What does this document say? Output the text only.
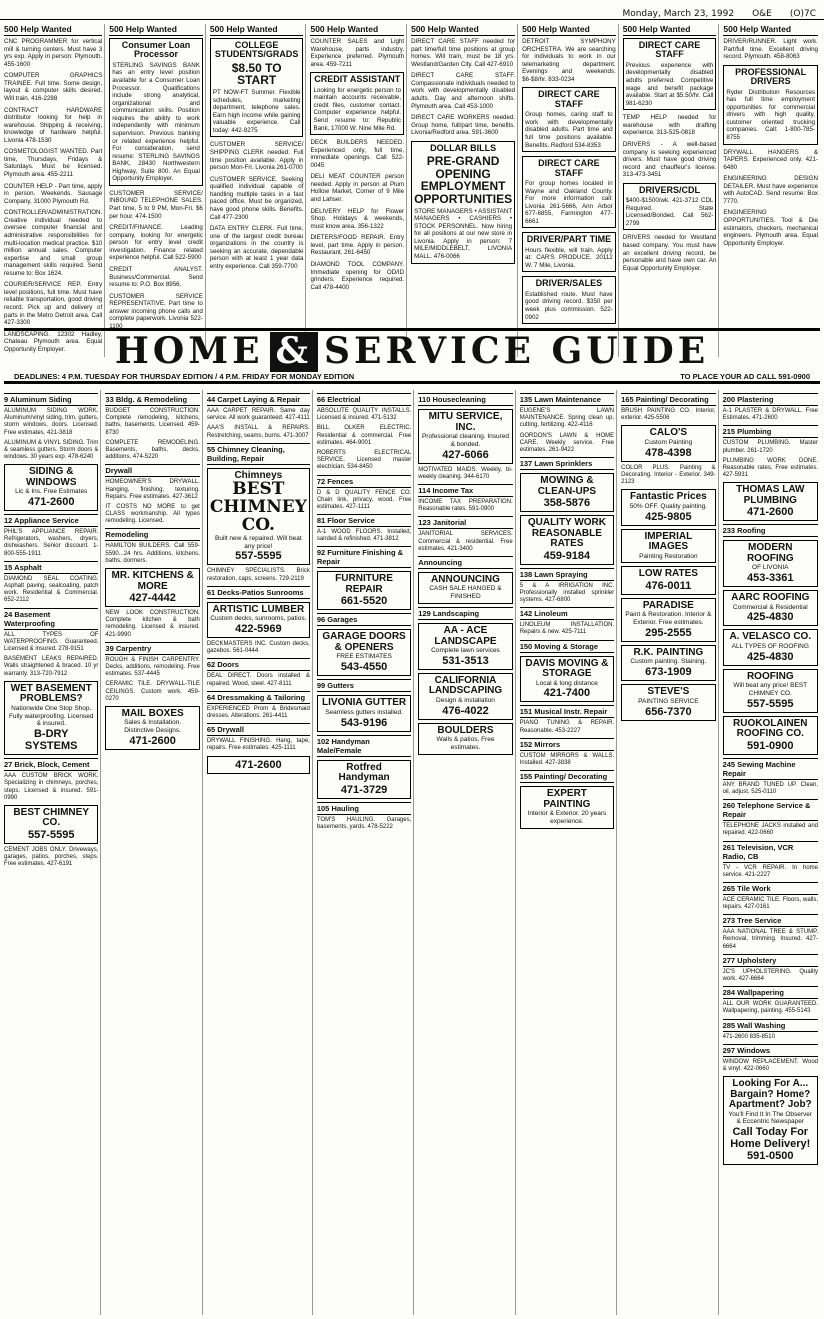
Monday, March 23, 1992 O&E (O)7C
500 Help Wanted
CNC PROGRAMMER for vertical mill & turning centers. Must have 3 yrs exp. Apply in person: Plymouth. 455-1600
COMPUTER GRAPHICS TRAINEE. Full time. Some design, layout & computer skills desired. Will train. 416-2288
CONTRACT HARDWARE distributor looking for help in warehouse. Shipping & receiving, knowledge of hardware helpful. Livonia 478-1530
COSMETOLOGIST WANTED. Part time, Thursdays, Fridays & Saturdays. Must be licensed. Plymouth area. 455-2211
COUNTER HELP - Part time, apply in person. Weekends. Sausage Company, 31000 Plymouth Rd.
CONTROLLER/ADMINISTRATION. Creative individual needed to oversee computer financial and administrative responsibilities for multi-location medical practice. $10 million annual sales. Computer expertise and small group management skills required. Send resume to: Box 1624.
COURIER/SERVICE REP. Entry level positions, full time. Must have reliable transportation, good driving record. Pick up and delivery of parts in the Metro Detroit area. Call 427-3300
LANDSCAPING. 12302 Hadley, Chateau Plymouth area. Equal Opportunity Employer.
500 Help Wanted
Consumer Loan Processor
STERLING SAVINGS BANK has an entry level position available for a Consumer Loan Processor. Qualifications include strong analytical, organizational and communication skills. Position requires the ability to work independently with minimum supervision. Previous banking or related experience helpful. For consideration, send resume: STERLING SAVINGS BANK, 28430 Northwestern Highway, Suite 800. An Equal Opportunity Employer.
CUSTOMER SERVICE/ INBOUND TELEPHONE SALES. Part time, 5 to 9 PM, Mon-Fri. $6 per hour. 474-1500
CREDIT/FINANCE. Leading company, looking for energetic person for entry level credit investigation. Finance related experience helpful. Call 522-5900
CREDIT ANALYST. Business/Commercial. Send resume to: P.O. Box 8956.
CUSTOMER SERVICE REPRESENTATIVE. Part time to answer incoming phone calls and complete paperwork. Livonia 522-1100
500 Help Wanted
COLLEGE STUDENTS/GRADS
$8.50 TO START
PT NOW-FT Summer. Flexible schedules, marketing department, telephone sales. Earn high income while gaining valuable experience. Call today: 442-9275
CUSTOMER SERVICE/ SHIPPING CLERK needed. Full time position available. Apply in person Mon-Fri. Livonia 261-0700
CUSTOMER SERVICE. Seeking qualified individual capable of handling multiple tasks in a fast paced office. Must be organized, have good phone skills. Benefits. Call 477-2300
DATA ENTRY CLERK. Full time, one of the largest credit bureau organizations in the country is seeking an accurate, dependable person with at least 1 year data entry experience. Call 359-7700
500 Help Wanted
COUNTER SALES and Light Warehouse, parts industry. Experience preferred. Plymouth area. 459-7211
CREDIT ASSISTANT
Looking for energetic person to maintain accounts receivable, credit files, customer contact. Computer experience helpful. Send resume to: Republic Bank, 17000 W. Nine Mile Rd.
DECK BUILDERS NEEDED. Experienced only, full time, immediate openings. Call 522-0045
DELI MEAT COUNTER person needed. Apply in person at Plum Hollow Market, Corner of 9 Mile and Lahser.
DELIVERY HELP for Flower Shop. Holidays & weekends, must know area. 356-1322
DIETERS/FOOD REPAIR. Entry level, part time. Apply in person. Restaurant. 261-6450
DIAMOND TOOL COMPANY. Immediate opening for OD/ID grinders. Experience required. Call 478-4400
500 Help Wanted
DIRECT CARE STAFF needed for part time/full time positions at group homes. Will train, must be 18 yrs. Westland/Garden City. Call 427-6910
DIRECT CARE STAFF. Compassionate individuals needed to work with developmentally disabled adults. Day and afternoon shifts. Plymouth area. Call 453-1000
DIRECT CARE WORKERS needed. Group home, full/part time, benefits. Livonia/Redford area. 591-3600
DOLLAR BILLS
PRE-GRAND OPENING EMPLOYMENT OPPORTUNITIES
STORE MANAGERS • ASSISTANT MANAGERS • CASHIERS • STOCK PERSONNEL. Now hiring for all positions at our new store in Livonia. Apply in person: 7 MILE/MIDDLEBELT, LIVONIA MALL. 476-0066
500 Help Wanted
DETROIT SYMPHONY ORCHESTRA. We are searching for individuals to work in our telemarketing department. Evenings and weekends. $6-$8/hr. 833-0234
DIRECT CARE STAFF
Group homes, caring staff to work with developmentally disabled adults. Part time and full time positions available. Benefits. Redford 534-8353
DIRECT CARE STAFF
For group homes located in Wayne and Oakland County. For more information call: Livonia 261-5666, Ann Arbor 677-6855, Farmington 477-6661
DRIVER/PART TIME
Hours flexible, will train. Apply at: CAR'S PRODUCE, 20112 W. 7 Mile, Livonia.
DRIVER/SALES
Established route. Must have good driving record. $350 per week plus commission. 522-0902
500 Help Wanted
DIRECT CARE STAFF
Previous experience with developmentally disabled adults preferred. Competitive wage and benefit package available. Start at $5.50/hr. Call 981-6230
TEMP HELP needed for warehouse with drafting experience. 313-525-0818
DRIVERS - A well-based company is seeking experienced drivers. Must have good driving record and chauffeur's license. 313-473-3451
DRIVERS/CDL
$400-$1500/wk. 421-3712 CDL Required. State Licensed/Bonded. Call 562-2799
DRIVERS needed for Westland based company. You must have an excellent driving record, be personable and have own car. An Equal Opportunity Employer.
500 Help Wanted
DRIVER/RUNNER. Light work. Part/full time. Excellent driving record. Plymouth. 458-8063
PROFESSIONAL DRIVERS
Ryder Distribution Resources has full time employment opportunities for commercial drivers with high quality, customer oriented trucking companies. Call: 1-800-785-8755
DRYWALL HANGERS & TAPERS. Experienced only. 421-6480
ENGINEERING DESIGN DETAILER. Must have experience with AutoCAD. Send resume: Box 7770.
ENGINEERING OPPORTUNITIES. Tool & Die estimators, checkers, mechanical engineers. Plymouth area. Equal Opportunity Employer.
HOME & SERVICE GUIDE
DEADLINES: 4 P.M. TUESDAY FOR THURSDAY EDITION / 4 P.M. FRIDAY FOR MONDAY EDITION	TO PLACE YOUR AD CALL 591-0900
9 Aluminum Siding
ALUMINUM SIDING WORK. Aluminum/vinyl siding, trim, gutters, storm windows, doors. Licensed. Free estimates. 421-3818
ALUMINUM & VINYL SIDING. Trim & seamless gutters. Storm doors & windows. 30 years exp. 478-6240
SIDING & WINDOWS
Lic & Ins. Free Estimates
471-2600
12 Appliance Service
PHIL'S APPLIANCE REPAIR. Refrigerators, washers, dryers, dishwashers. Senior discount. 1-800-555-1911
15 Asphalt
DIAMOND SEAL COATING. Asphalt paving, sealcoating, patch work. Residential & Commercial. 652-2112
24 Basement Waterproofing
ALL TYPES OF WATERPROOFING. Guaranteed. Licensed & insured. 278-9151
BASEMENT LEAKS REPAIRED. Walls straightened & braced. 10 yr warranty. 313-720-7912
WET BASEMENT PROBLEMS?
Nationwide One Stop Shop. Fully waterproofing. Licensed & insured.
B-DRY SYSTEMS
27 Brick, Block, Cement
AAA CUSTOM BRICK WORK. Specializing in chimneys, porches, steps. Licensed & insured. 591-0990
BEST CHIMNEY CO.
557-5595
CEMENT JOBS ONLY. Driveways, garages, patios, porches, steps. Free estimates. 427-6191
33 Bldg. & Remodeling
BUDGET CONSTRUCTION. Complete remodeling, kitchens, baths, basements. Licensed. 459-8730
COMPLETE REMODELING. Basements, baths, decks, additions. 474-5220
Drywall
HOMEOWNER'S DRYWALL. Hanging, finishing, texturing. Repairs. Free estimates. 427-3612
IT COSTS NO MORE to get CLASS workmanship. All types remodeling. Licensed.
Remodeling
HAMILTON BUILDERS. Call 559-5590...24 hrs. Additions, kitchens, baths, dormers.
MR. KITCHENS & MORE
427-4442
NEW LOOK CONSTRUCTION. Complete kitchen & bath remodeling. Licensed & insured. 421-9990
39 Carpentry
ROUGH & FINISH CARPENTRY. Decks, additions, remodeling. Free estimates. 537-4445
CERAMIC TILE. DRYWALL-TILE CEILINGS. Custom work. 459-0270
MAIL BOXES
Sales & Installation. Distinctive Designs.
471-2600
44 Carpet Laying & Repair
AAA CARPET REPAIR. Same day service. All work guaranteed. 427-4111
AAA'S INSTALL & REPAIRS. Restretching, seams, burns. 471-3007
55 Chimney Cleaning, Building, Repair
Chimneys
BEST CHIMNEY CO.
Built new & repaired. Will beat any price!
557-5595
CHIMNEY SPECIALISTS. Brick restoration, caps, screens. 729-2119
61 Decks-Patios Sunrooms
ARTISTIC LUMBER
Custom decks, sunrooms, patios.
422-5969
DECKMASTERS INC. Custom decks, gazebos. 561-0444
62 Doors
DEAL DIRECT. Doors installed & repaired. Wood, steel. 427-8111
64 Dressmaking & Tailoring
EXPERIENCED Prom & Bridesmaid dresses. Alterations. 261-4411
65 Drywall
DRYWALL FINISHING. Hang, tape, repairs. Free estimates. 425-1111
471-2600
66 Electrical
ABSOLUTE QUALITY INSTALLS. Licensed & insured. 471-5132
BILL OLKER ELECTRIC. Residential & commercial. Free estimates. 464-9001
ROBERTS ELECTRICAL SERVICE. Licensed master electrician. 534-8450
72 Fences
D & D QUALITY FENCE CO. Chain link, privacy, wood. Free estimates. 427-1111
81 Floor Service
A-1 WOOD FLOORS. Installed, sanded & refinished. 471-3812
92 Furniture Finishing & Repair
FURNITURE REPAIR
661-5520
96 Garages
GARAGE DOORS & OPENERS
FREE ESTIMATES
543-4550
99 Gutters
LIVONIA GUTTER
Seamless gutters installed.
543-9196
102 Handyman Male/Female
Rotfred Handyman
471-3729
105 Hauling
TOM'S HAULING. Garages, basements, yards. 478-5222
110 Housecleaning
MITU SERVICE, INC.
Professional cleaning. Insured & bonded.
427-6066
MOTIVATED MAIDS. Weekly, bi-weekly cleaning. 344-6170
114 Income Tax
INCOME TAX PREPARATION. Reasonable rates. 591-0900
123 Janitorial
JANITORIAL SERVICES. Commercial & residential. Free estimates. 421-3400
Announcing
ANNOUNCING
CASH SALE HANGED & FINISHED
129 Landscaping
AA - ACE LANDSCAPE
Complete lawn services
531-3513
CALIFORNIA LANDSCAPING
Design & installation
476-4022
BOULDERS
Walls & patios. Free estimates.
135 Lawn Maintenance
EUGENE'S LAWN MAINTENANCE. Spring clean up, cutting, fertilizing. 422-4116
GORDON'S LAWN & HOME CARE. Weekly service. Free estimates. 261-9422
137 Lawn Sprinklers
MOWING & CLEAN-UPS
358-5876
QUALITY WORK REASONABLE RATES
459-9184
138 Lawn Spraying
5 & A IRRIGATION INC. Professionally installed sprinkler systems. 427-6800
142 Linoleum
LINOLEUM INSTALLATION. Repairs & new. 425-7111
150 Moving & Storage
DAVIS MOVING & STORAGE
Local & long distance
421-7400
151 Musical Instr. Repair
PIANO TUNING & REPAIR. Reasonable. 453-2227
152 Mirrors
CUSTOM MIRRORS & WALLS. Installed. 427-3838
155 Painting/ Decorating
EXPERT PAINTING
Interior & Exterior. 20 years experience.
165 Painting/ Decorating
BRUSH PAINTING CO. Interior, exterior. 425-5506
CALO'S
Custom Painting
478-4398
COLOR PLUS. Painting & Decorating. Interior - Exterior. 349-2123
Fantastic Prices
50% OFF. Quality painting.
425-9805
IMPERIAL IMAGES
Painting Restoration
LOW RATES
476-0011
PARADISE
Paint & Restoration. Interior & Exterior. Free estimates.
295-2555
R.K. PAINTING
Custom painting. Staining.
673-1909
STEVE'S
PAINTING SERVICE
656-7370
200 Plastering
A-1 PLASTER & DRYWALL. Free Estimates. 471-2600
215 Plumbing
CUSTOM PLUMBING. Master plumber. 261-1720
PLUMBING WORK DONE. Reasonable rates. Free estimates. 427-5931
THOMAS LAW PLUMBING
471-2600
233 Roofing
MODERN ROOFING
OF LIVONIA
453-3361
AARC ROOFING
Commercial & Residential
425-4830
A. VELASCO CO.
ALL TYPES OF ROOFING
425-4830
ROOFING
Will beat any price! BEST CHIMNEY CO.
557-5595
RUOKOLAINEN ROOFING CO.
591-0900
245 Sewing Machine Repair
ANY BRAND TUNED UP. Clean, oil, adjust. 525-0110
260 Telephone Service & Repair
TELEPHONE JACKS installed and repaired. 422-0660
261 Television, VCR Radio, CB
TV - VCR REPAIR. In home service. 421-2227
265 Tile Work
ACE CERAMIC TILE. Floors, walls, repairs. 427-0161
273 Tree Service
AAA NATIONAL TREE & STUMP. Removal, trimming. Insured. 427-6664
277 Upholstery
JC'S UPHOLSTERING. Quality work. 427-6664
284 Wallpapering
ALL OUR WORK GUARANTEED. Wallpapering, painting. 455-5143
285 Wall Washing
471-2600 835-8510
297 Windows
WINDOW REPLACEMENT. Wood & vinyl. 422-0660
Looking For A... Bargain? Home? Apartment? Job?
You'll Find It In The Observer & Eccentric Newspaper
Call Today For Home Delivery! 591-0500
